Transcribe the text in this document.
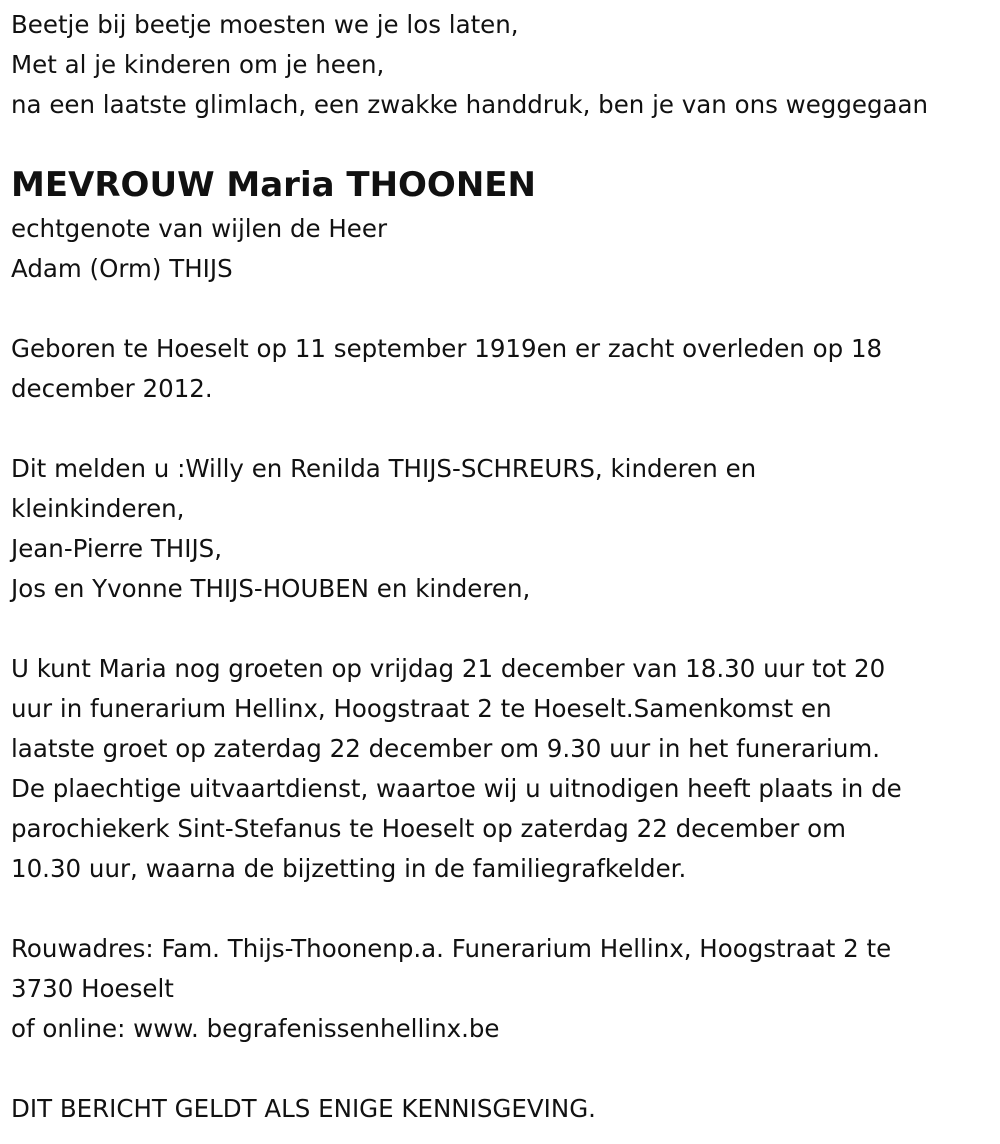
Beetje bij beetje moesten we je los laten,
Met al je kinderen om je heen,
na een laatste glimlach, een zwakke handdruk, ben je van ons weggegaan
MEVROUW Maria THOONEN
echtgenote van wijlen de Heer
Adam (Orm) THIJS
Geboren te Hoeselt op 11 september 1919en er zacht overleden op 18
december 2012.
Dit melden u :Willy en Renilda THIJS-SCHREURS, kinderen en
kleinkinderen,
Jean-Pierre THIJS,
Jos en Yvonne THIJS-HOUBEN en kinderen,
U kunt Maria nog groeten op vrijdag 21 december van 18.30 uur tot 20
uur in funerarium Hellinx, Hoogstraat 2 te Hoeselt.Samenkomst en
laatste groet op zaterdag 22 december om 9.30 uur in het funerarium.
De plaechtige uitvaartdienst, waartoe wij u uitnodigen heeft plaats in de
parochiekerk Sint-Stefanus te Hoeselt op zaterdag 22 december om
10.30 uur, waarna de bijzetting in de familiegrafkelder.
Rouwadres: Fam. Thijs-Thoonenp.a. Funerarium Hellinx, Hoogstraat 2 te
3730 Hoeselt
of online: www. begrafenissenhellinx.be
DIT BERICHT GELDT ALS ENIGE KENNISGEVING.
